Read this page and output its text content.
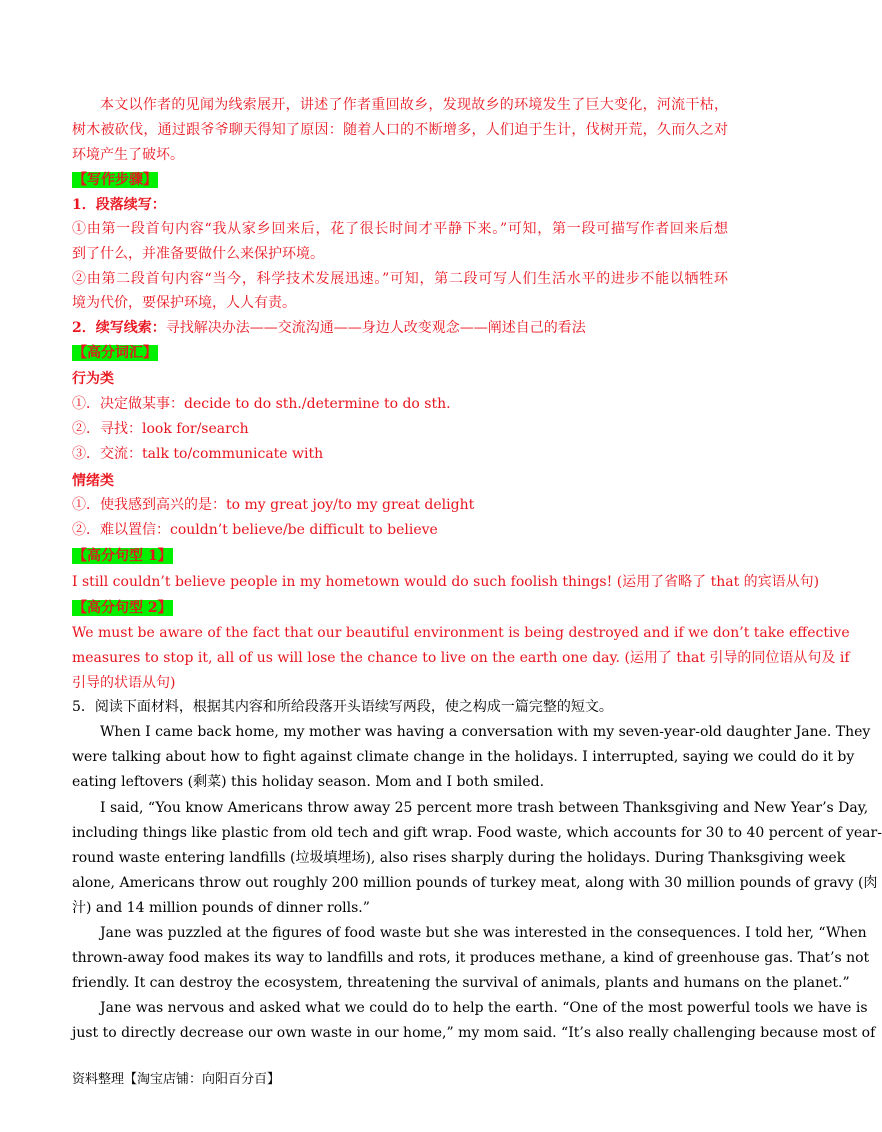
本文以作者的见闻为线索展开，讲述了作者重回故乡，发现故乡的环境发生了巨大变化，河流干枯，
树木被砍伐，通过跟爷爷聊天得知了原因：随着人口的不断增多，人们迫于生计，伐树开荒，久而久之对
环境产生了破坏。
【写作步骤】
1．段落续写：
①由第一段首句内容“我从家乡回来后，花了很长时间才平静下来。”可知，第一段可描写作者回来后想
到了什么，并准备要做什么来保护环境。
②由第二段首句内容“当今，科学技术发展迅速。”可知，第二段可写人们生活水平的进步不能以牺牲环
境为代价，要保护环境，人人有责。
2．续写线索：寻找解决办法——交流沟通——身边人改变观念——阐述自己的看法
【高分词汇】
行为类
①．决定做某事：decide to do sth./determine to do sth.
②．寻找：look for/search
③．交流：talk to/communicate with
情绪类
①．使我感到高兴的是：to my great joy/to my great delight
②．难以置信：couldn’t believe/be difficult to believe
【高分句型 1】
I still couldn’t believe people in my hometown would do such foolish things! (运用了省略了 that 的宾语从句)
【高分句型 2】
We must be aware of the fact that our beautiful environment is being destroyed and if we don’t take effective
measures to stop it, all of us will lose the chance to live on the earth one day. (运用了 that 引导的同位语从句及 if
引导的状语从句)
5．阅读下面材料，根据其内容和所给段落开头语续写两段，使之构成一篇完整的短文。
When I came back home, my mother was having a conversation with my seven-year-old daughter Jane. They
were talking about how to fight against climate change in the holidays. I interrupted, saying we could do it by
eating leftovers (剩菜) this holiday season. Mom and I both smiled.
I said, “You know Americans throw away 25 percent more trash between Thanksgiving and New Year’s Day,
including things like plastic from old tech and gift wrap. Food waste, which accounts for 30 to 40 percent of year-
round waste entering landfills (垃圾填埋场), also rises sharply during the holidays. During Thanksgiving week
alone, Americans throw out roughly 200 million pounds of turkey meat, along with 30 million pounds of gravy (肉
汁) and 14 million pounds of dinner rolls.”
Jane was puzzled at the figures of food waste but she was interested in the consequences. I told her, “When
thrown-away food makes its way to landfills and rots, it produces methane, a kind of greenhouse gas. That’s not
friendly. It can destroy the ecosystem, threatening the survival of animals, plants and humans on the planet.”
Jane was nervous and asked what we could do to help the earth. “One of the most powerful tools we have is
just to directly decrease our own waste in our home,” my mom said. “It’s also really challenging because most of
资料整理【淘宝店铺：向阳百分百】
